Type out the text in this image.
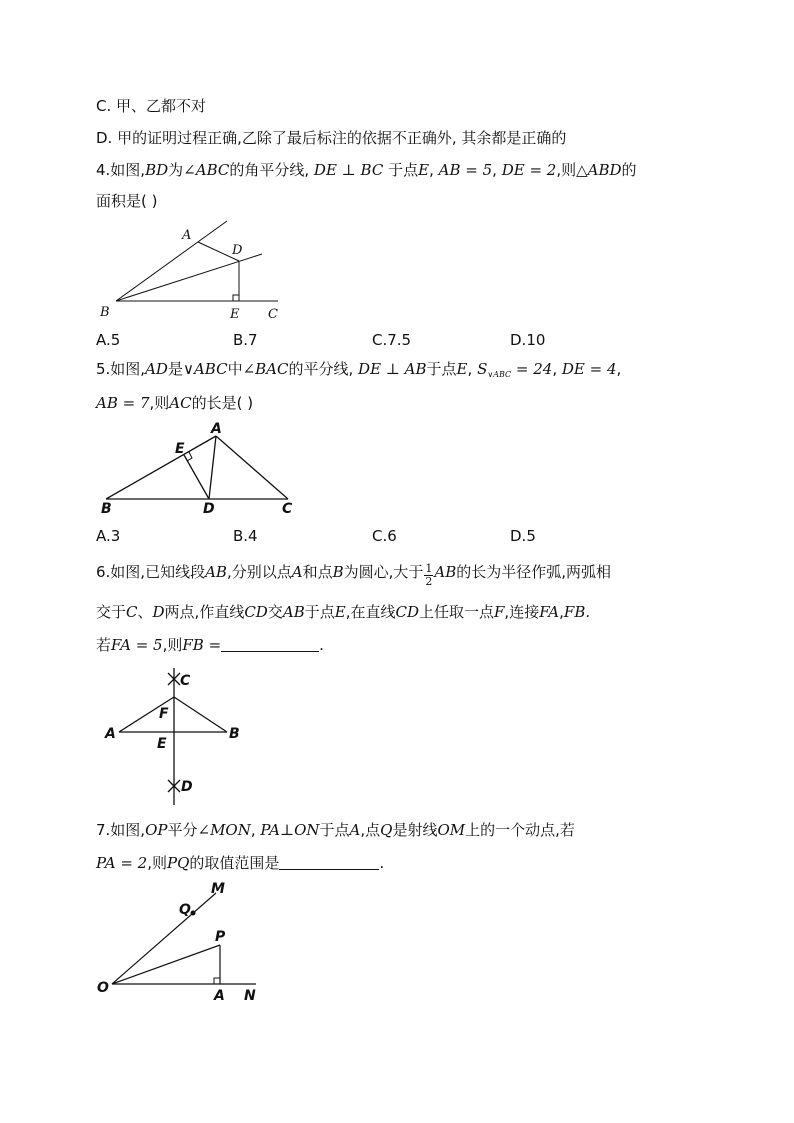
C. 甲、乙都不对
D. 甲的证明过程正确,乙除了最后标注的依据不正确外, 其余都是正确的
4.如图,BD为∠ABC的角平分线, DE ⊥ BC 于点E, AB = 5, DE = 2,则△ABD的
面积是( )
A
D
B	E C
A.5	B.7	C.7.5	D.10
5.如图,AD是∨ABC中∠BAC的平分线, DE ⊥ AB于点E, $S_{\vee ABC} = 24$, DE = 4,
AB = 7,则AC的长是( )
A
E
B	D	C
A.3	B.4	C.6	D.5
6.如图,已知线段AB,分别以点A和点B为圆心,大于 $\frac{1}{2}$ AB的长为半径作弧,两弧相
交于C、D两点,作直线CD交AB于点E,在直线CD上任取一点F,连接FA,FB.
若FA = 5,则FB =	.
C
F
A
E
B
D
7.如图,OP平分∠MON, PA⊥ON于点A,点Q是射线OM上的一个动点,若
PA = 2,则PQ的取值范围是	.
M
Q
P
O	A N
